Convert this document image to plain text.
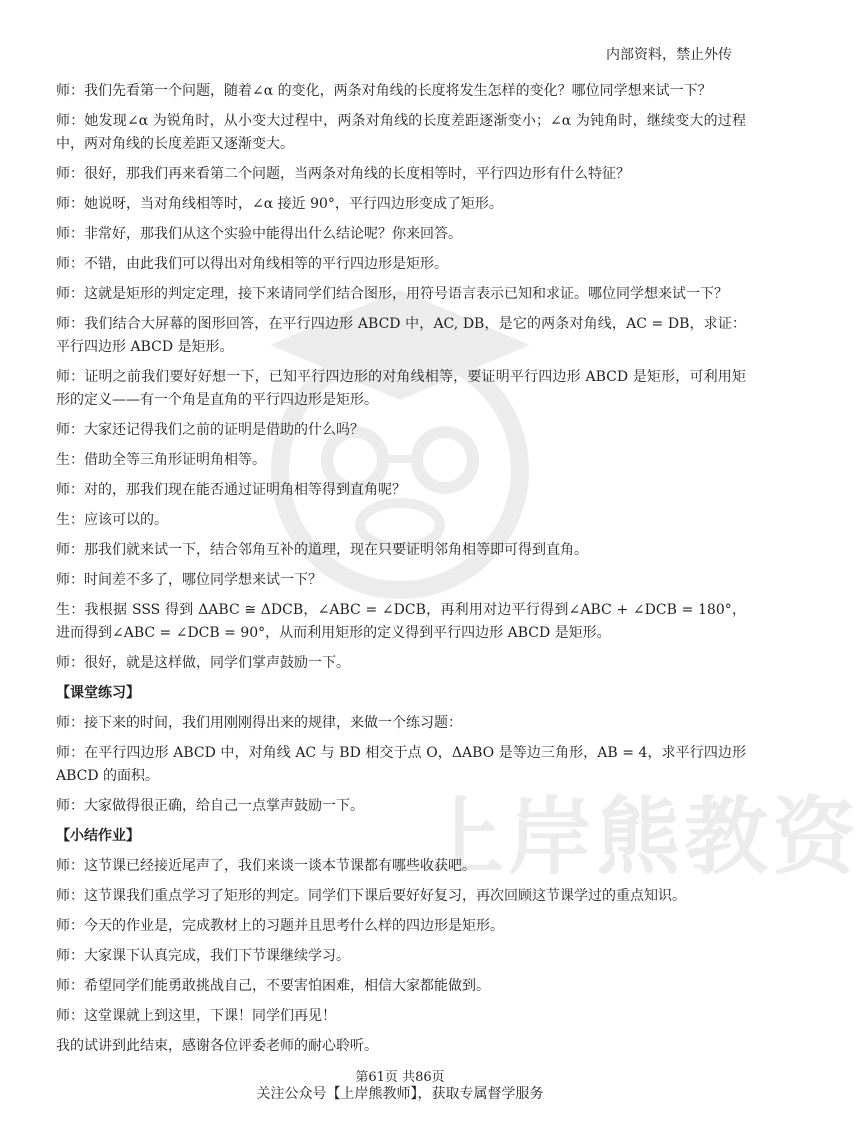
上岸熊教资
内部资料，禁止外传
师：我们先看第一个问题，随着∠α 的变化，两条对角线的长度将发生怎样的变化？哪位同学想来试一下？
师：她发现∠α 为锐角时，从小变大过程中，两条对角线的长度差距逐渐变小；∠α 为钝角时，继续变大的过程中，两对角线的长度差距又逐渐变大。
师：很好，那我们再来看第二个问题，当两条对角线的长度相等时，平行四边形有什么特征？
师：她说呀，当对角线相等时，∠α 接近 90°，平行四边形变成了矩形。
师：非常好，那我们从这个实验中能得出什么结论呢？你来回答。
师：不错，由此我们可以得出对角线相等的平行四边形是矩形。
师：这就是矩形的判定定理，接下来请同学们结合图形，用符号语言表示已知和求证。哪位同学想来试一下？
师：我们结合大屏幕的图形回答，在平行四边形 ABCD 中，AC, DB，是它的两条对角线，AC = DB，求证：平行四边形 ABCD 是矩形。
师：证明之前我们要好好想一下，已知平行四边形的对角线相等，要证明平行四边形 ABCD 是矩形，可利用矩形的定义——有一个角是直角的平行四边形是矩形。
师：大家还记得我们之前的证明是借助的什么吗？
生：借助全等三角形证明角相等。
师：对的，那我们现在能否通过证明角相等得到直角呢？
生：应该可以的。
师：那我们就来试一下，结合邻角互补的道理，现在只要证明邻角相等即可得到直角。
师：时间差不多了，哪位同学想来试一下？
生：我根据 SSS 得到 ΔABC ≅ ΔDCB，∠ABC = ∠DCB，再利用对边平行得到∠ABC + ∠DCB = 180°，进而得到∠ABC = ∠DCB = 90°，从而利用矩形的定义得到平行四边形 ABCD 是矩形。
师：很好，就是这样做，同学们掌声鼓励一下。
【课堂练习】
师：接下来的时间，我们用刚刚得出来的规律，来做一个练习题：
师：在平行四边形 ABCD 中，对角线 AC 与 BD 相交于点 O，ΔABO 是等边三角形，AB = 4，求平行四边形 ABCD 的面积。
师：大家做得很正确，给自己一点掌声鼓励一下。
【小结作业】
师：这节课已经接近尾声了，我们来谈一谈本节课都有哪些收获吧。
师：这节课我们重点学习了矩形的判定。同学们下课后要好好复习，再次回顾这节课学过的重点知识。
师：今天的作业是，完成教材上的习题并且思考什么样的四边形是矩形。
师：大家课下认真完成，我们下节课继续学习。
师：希望同学们能勇敢挑战自己，不要害怕困难，相信大家都能做到。
师：这堂课就上到这里，下课！同学们再见！
我的试讲到此结束，感谢各位评委老师的耐心聆听。
第61页 共86页
关注公众号【上岸熊教师】，获取专属督学服务
